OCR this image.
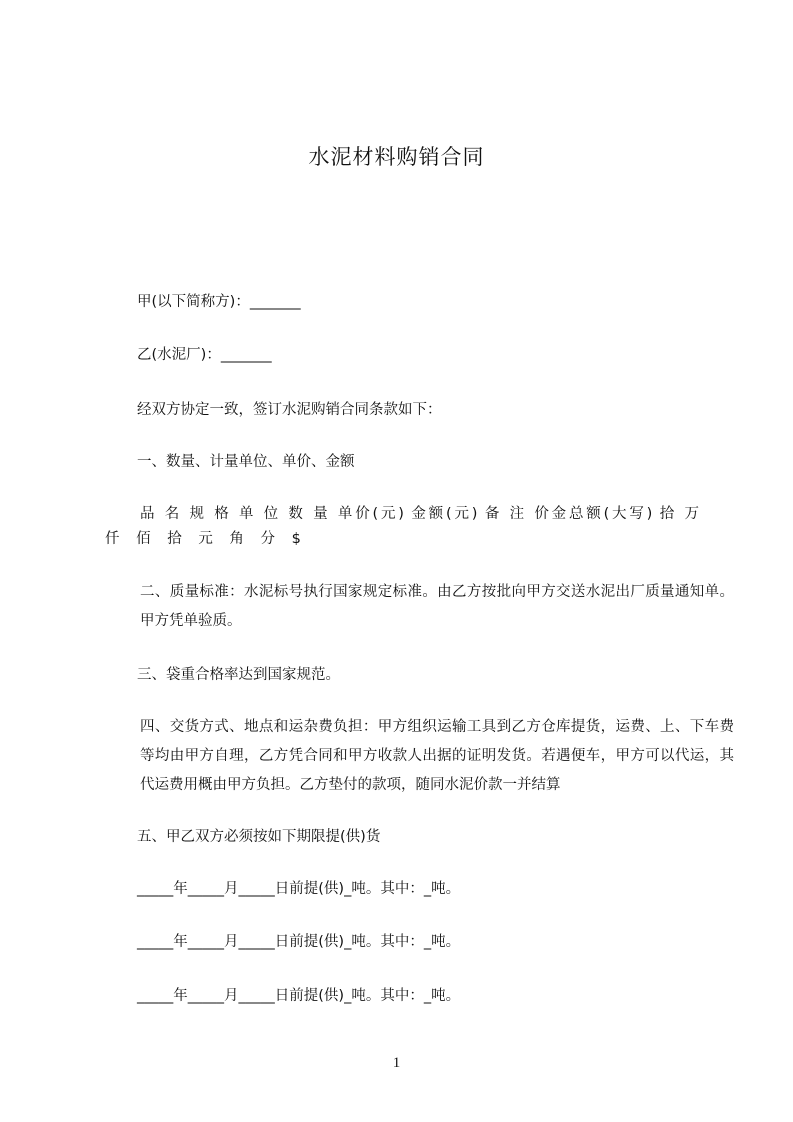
水泥材料购销合同
甲(以下简称方)：_______
乙(水泥厂)：_______
经双方协定一致，签订水泥购销合同条款如下：
一、数量、计量单位、单价、金额
品 名 规 格 单 位 数 量 单价(元) 金额(元) 备 注 价金总额(大写) 拾 万
仟 佰 拾 元 角 分 $
二、质量标准：水泥标号执行国家规定标准。由乙方按批向甲方交送水泥出厂质量通知单。甲方凭单验质。
三、袋重合格率达到国家规范。
四、交货方式、地点和运杂费负担：甲方组织运输工具到乙方仓库提货，运费、上、下车费等均由甲方自理，乙方凭合同和甲方收款人出据的证明发货。若遇便车，甲方可以代运，其代运费用概由甲方负担。乙方垫付的款项，随同水泥价款一并结算
五、甲乙双方必须按如下期限提(供)货
_____年_____月_____日前提(供)_吨。其中：_吨。
_____年_____月_____日前提(供)_吨。其中：_吨。
_____年_____月_____日前提(供)_吨。其中：_吨。
1
